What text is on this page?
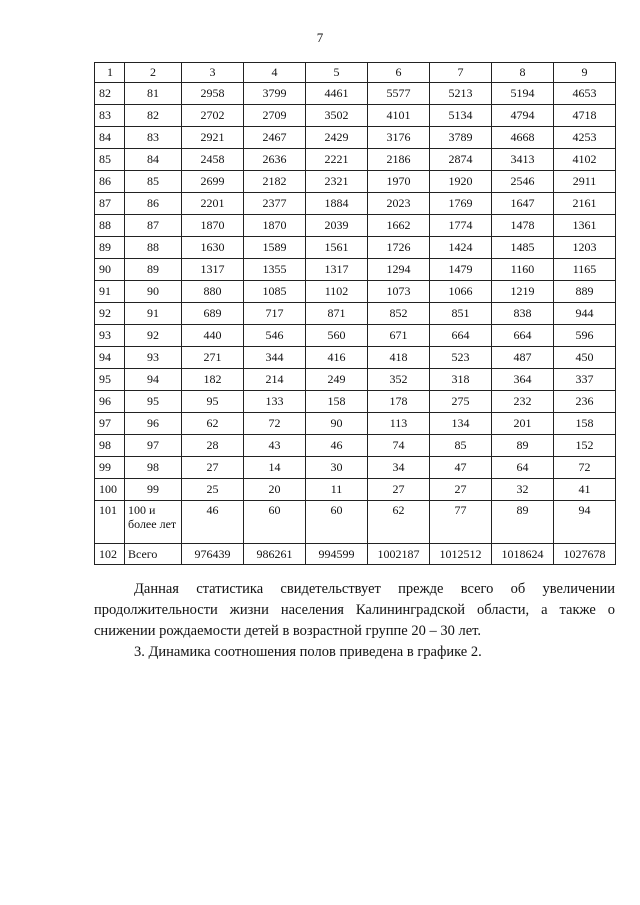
7
1	2	3	4	5	6	7	8	9
82	81	2958	3799	4461	5577	5213	5194	4653
83	82	2702	2709	3502	4101	5134	4794	4718
84	83	2921	2467	2429	3176	3789	4668	4253
85	84	2458	2636	2221	2186	2874	3413	4102
86	85	2699	2182	2321	1970	1920	2546	2911
87	86	2201	2377	1884	2023	1769	1647	2161
88	87	1870	1870	2039	1662	1774	1478	1361
89	88	1630	1589	1561	1726	1424	1485	1203
90	89	1317	1355	1317	1294	1479	1160	1165
91	90	880	1085	1102	1073	1066	1219	889
92	91	689	717	871	852	851	838	944
93	92	440	546	560	671	664	664	596
94	93	271	344	416	418	523	487	450
95	94	182	214	249	352	318	364	337
96	95	95	133	158	178	275	232	236
97	96	62	72	90	113	134	201	158
98	97	28	43	46	74	85	89	152
99	98	27	14	30	34	47	64	72
100	99	25	20	11	27	27	32	41
101	100 и более лет	46	60	60	62	77	89	94
102	Всего	976439	986261	994599	1002187	1012512	1018624	1027678

Данная статистика свидетельствует прежде всего об увеличении продолжительности жизни населения Калининградской области, а также о снижении рождаемости детей в возрастной группе 20 – 30 лет.

3. Динамика соотношения полов приведена в графике 2.
